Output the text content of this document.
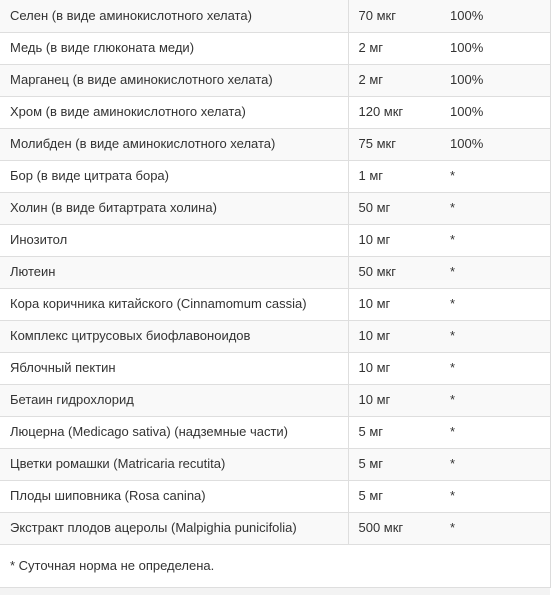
Селен (в виде аминокислотного хелата)	70 мкг	100%
Медь (в виде глюконата меди)	2 мг	100%
Марганец (в виде аминокислотного хелата)	2 мг	100%
Хром (в виде аминокислотного хелата)	120 мкг	100%
Молибден (в виде аминокислотного хелата)	75 мкг	100%
Бор (в виде цитрата бора)	1 мг	*
Холин (в виде битартрата холина)	50 мг	*
Инозитол	10 мг	*
Лютеин	50 мкг	*
Кора коричника китайского (Cinnamomum cassia)	10 мг	*
Комплекс цитрусовых биофлавоноидов	10 мг	*
Яблочный пектин	10 мг	*
Бетаин гидрохлорид	10 мг	*
Люцерна (Medicago sativa) (надземные части)	5 мг	*
Цветки ромашки (Matricaria recutita)	5 мг	*
Плоды шиповника (Rosa canina)	5 мг	*
Экстракт плодов ацеролы (Malpighia punicifolia)	500 мкг	*
* Суточная норма не определена.
